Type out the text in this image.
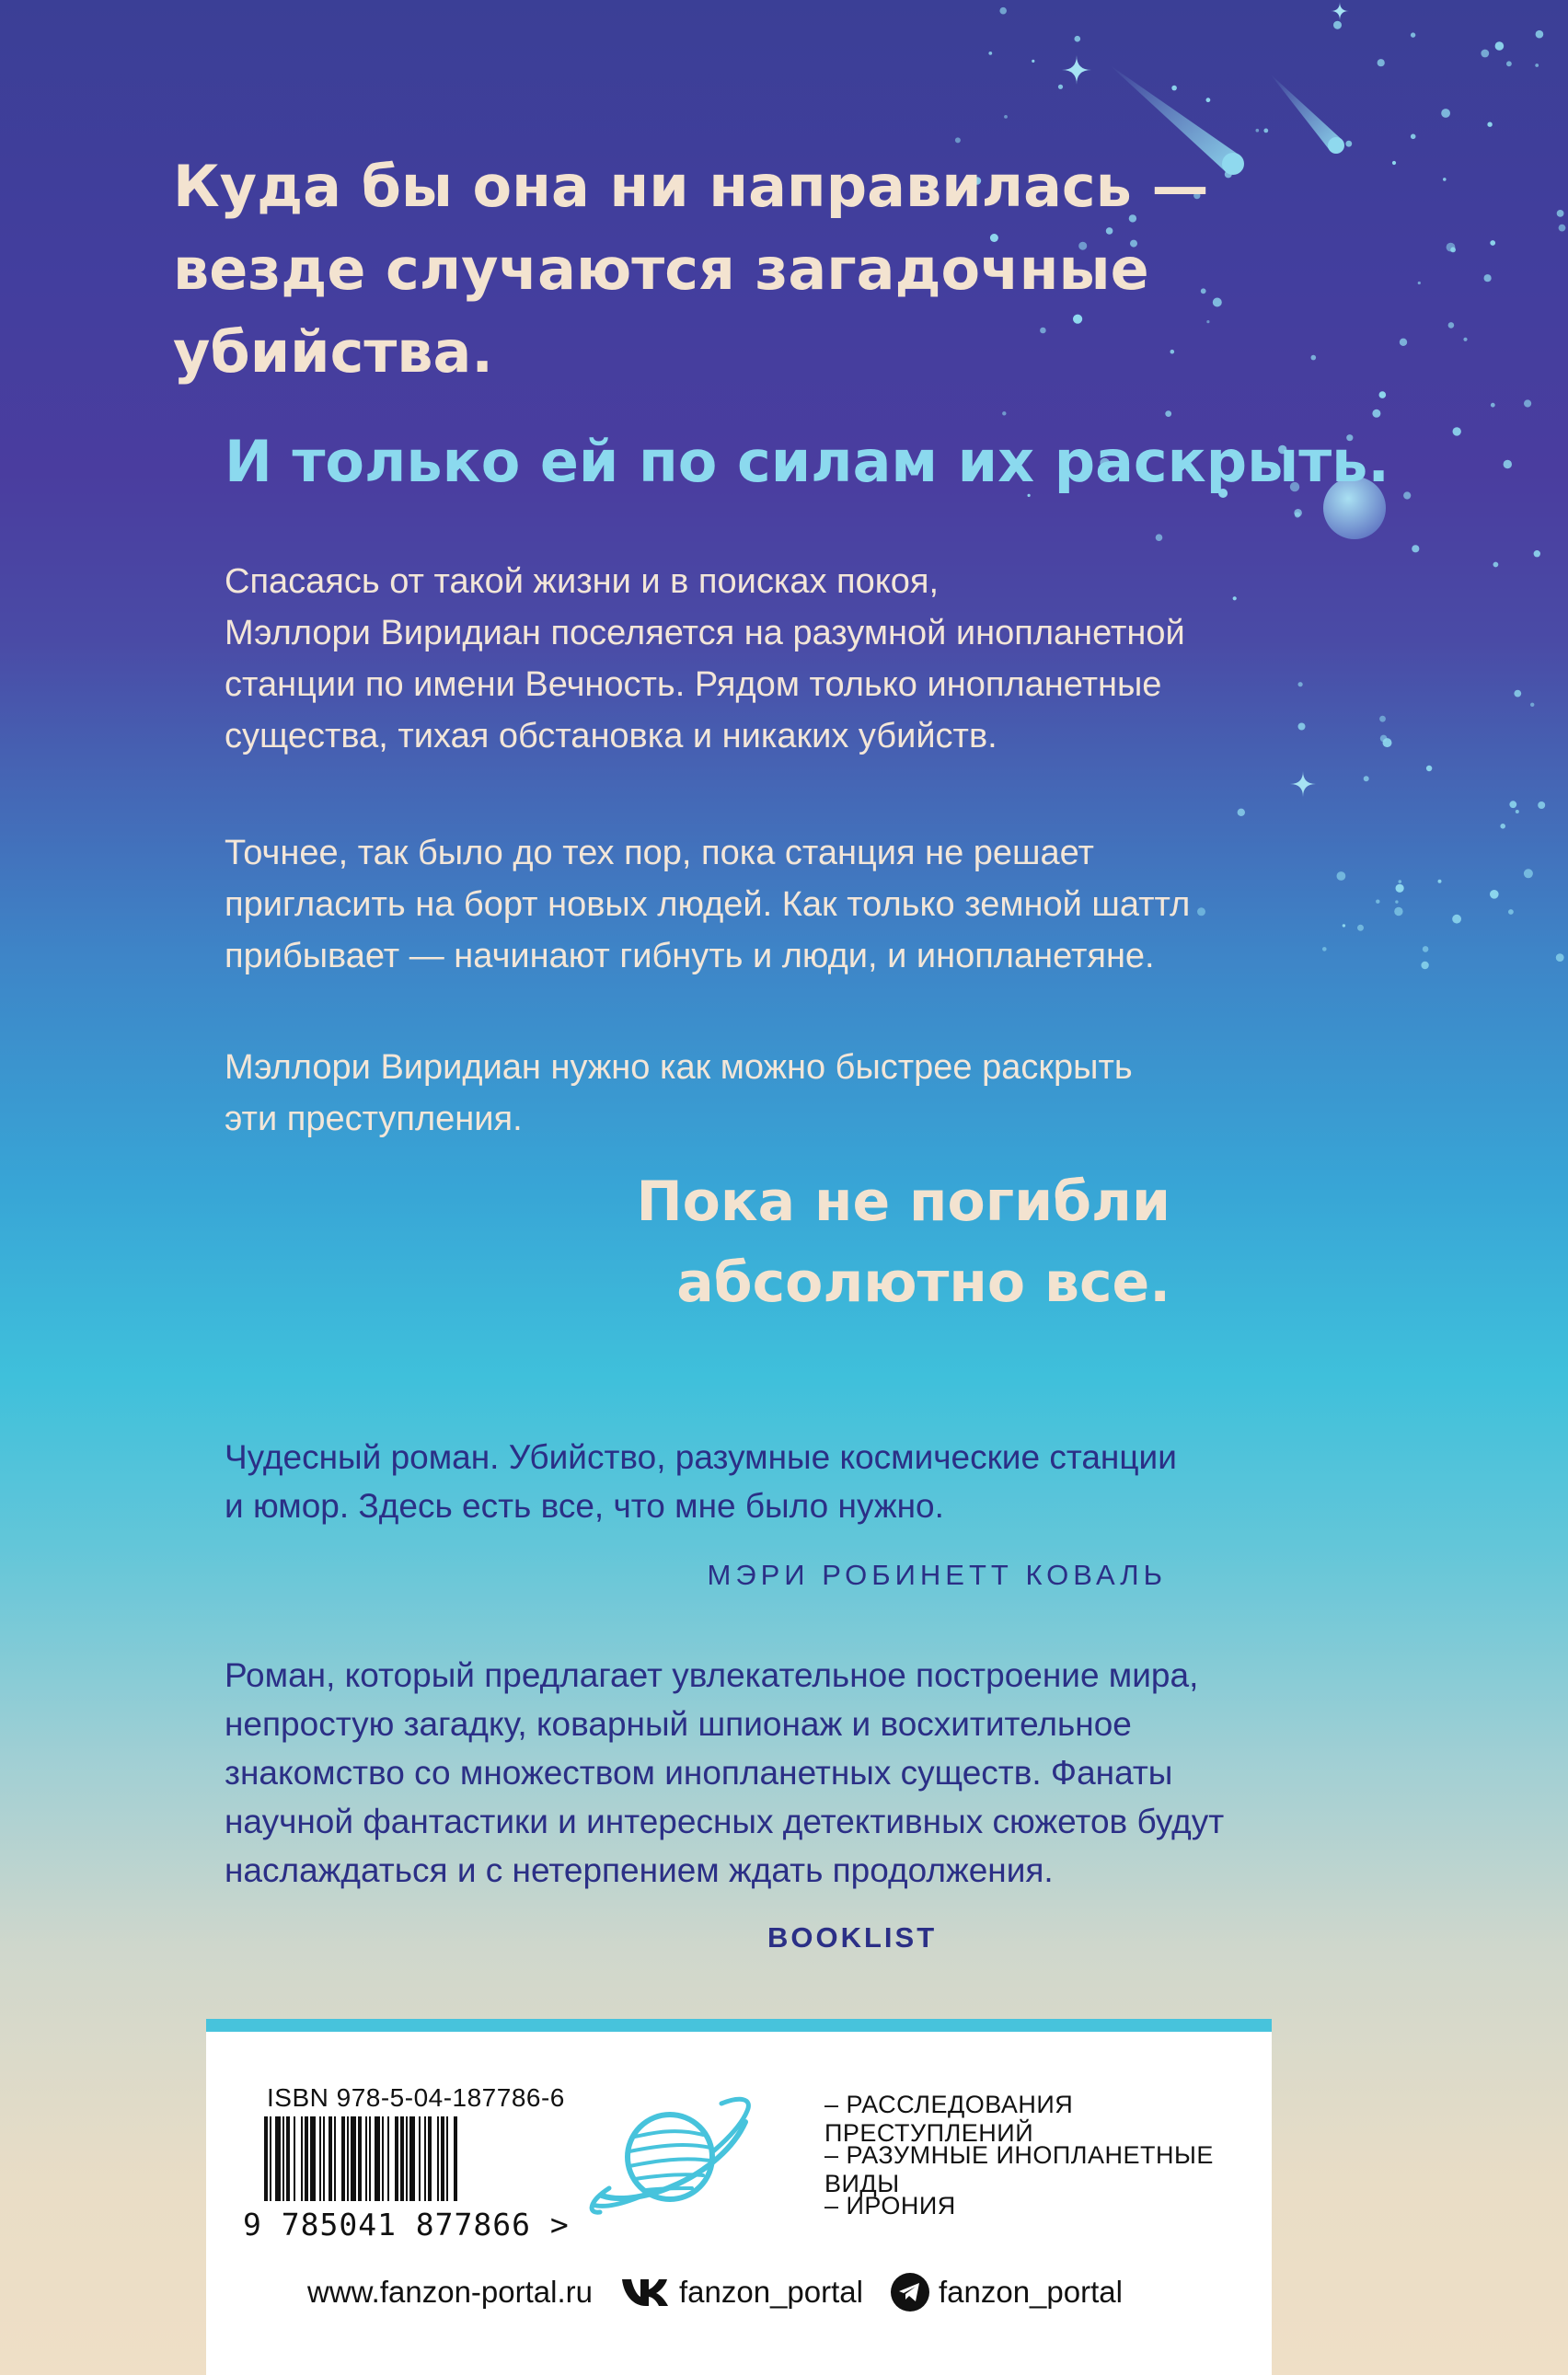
Куда бы она ни направилась —
везде случаются загадочные
убийства.
И только ей по силам их раскрыть.

Спасаясь от такой жизни и в поисках покоя,
Мэллори Виридиан поселяется на разумной инопланетной
станции по имени Вечность. Рядом только инопланетные
существа, тихая обстановка и никаких убийств.

Точнее, так было до тех пор, пока станция не решает
пригласить на борт новых людей. Как только земной шаттл
прибывает — начинают гибнуть и люди, и инопланетяне.

Мэллори Виридиан нужно как можно быстрее раскрыть
эти преступления.

Пока не погибли
абсолютно все.

Чудесный роман. Убийство, разумные космические станции
и юмор. Здесь есть все, что мне было нужно.

МЭРИ РОБИНЕТТ КОВАЛЬ

Роман, который предлагает увлекательное построение мира,
непростую загадку, коварный шпионаж и восхитительное
знакомство со множеством инопланетных существ. Фанаты
научной фантастики и интересных детективных сюжетов будут
наслаждаться и с нетерпением ждать продолжения.

BOOKLIST

ISBN 978-5-04-187786-6
9 785041 877866 >
– РАССЛЕДОВАНИЯ ПРЕСТУПЛЕНИЙ
– РАЗУМНЫЕ ИНОПЛАНЕТНЫЕ ВИДЫ
– ИРОНИЯ
www.fanzon-portal.ru	fanzon_portal fanzon_portal
